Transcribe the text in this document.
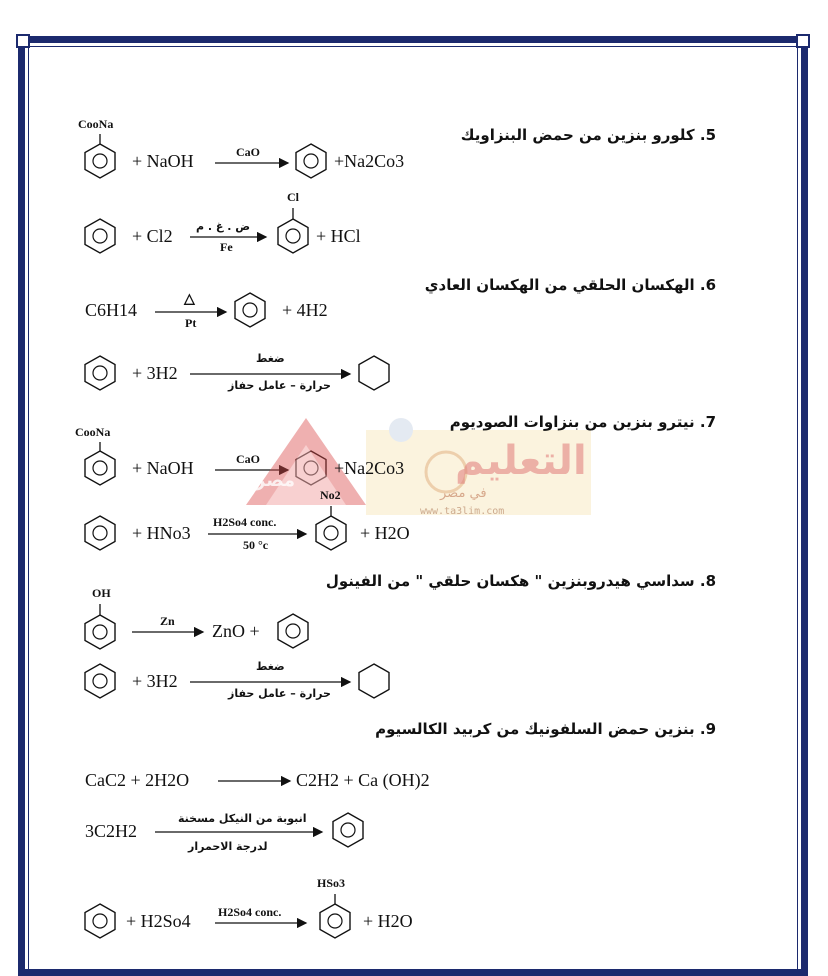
مصر	التعليم
في مصر
www.ta3lim.com
5. كلورو بنزين من حمض البنزاويك
6. الهكسان الحلقي من الهكسان العادي
7. نيترو بنزين من بنزاوات الصوديوم
8. سداسي هيدروبنزين " هكسان حلقي " من الفينول
9. بنزين حمض السلفونيك من كربيد الكالسيوم
CooNa
+ NaOH	CaO	+Na2Co3
+ Cl2 ض . غ . م
Fe
Cl
+ HCl
C6H14
△
Pt
+ 4H2
+ 3H2
ضغط
حرارة – عامل حفاز
CooNa
+ NaOH	CaO	+Na2Co3
+ HNo3
H2So4 conc.
50 °c
No2
+ H2O
OH
Zn ZnO +
+ 3H2
ضغط
حرارة – عامل حفاز
CaC2 + 2H2O	C2H2 + Ca (OH)2
3C2H2
انبوبة من النيكل مسخنة
لدرجة الاحمرار
+ H2So4 H2So4 conc.
HSo3
+ H2O
